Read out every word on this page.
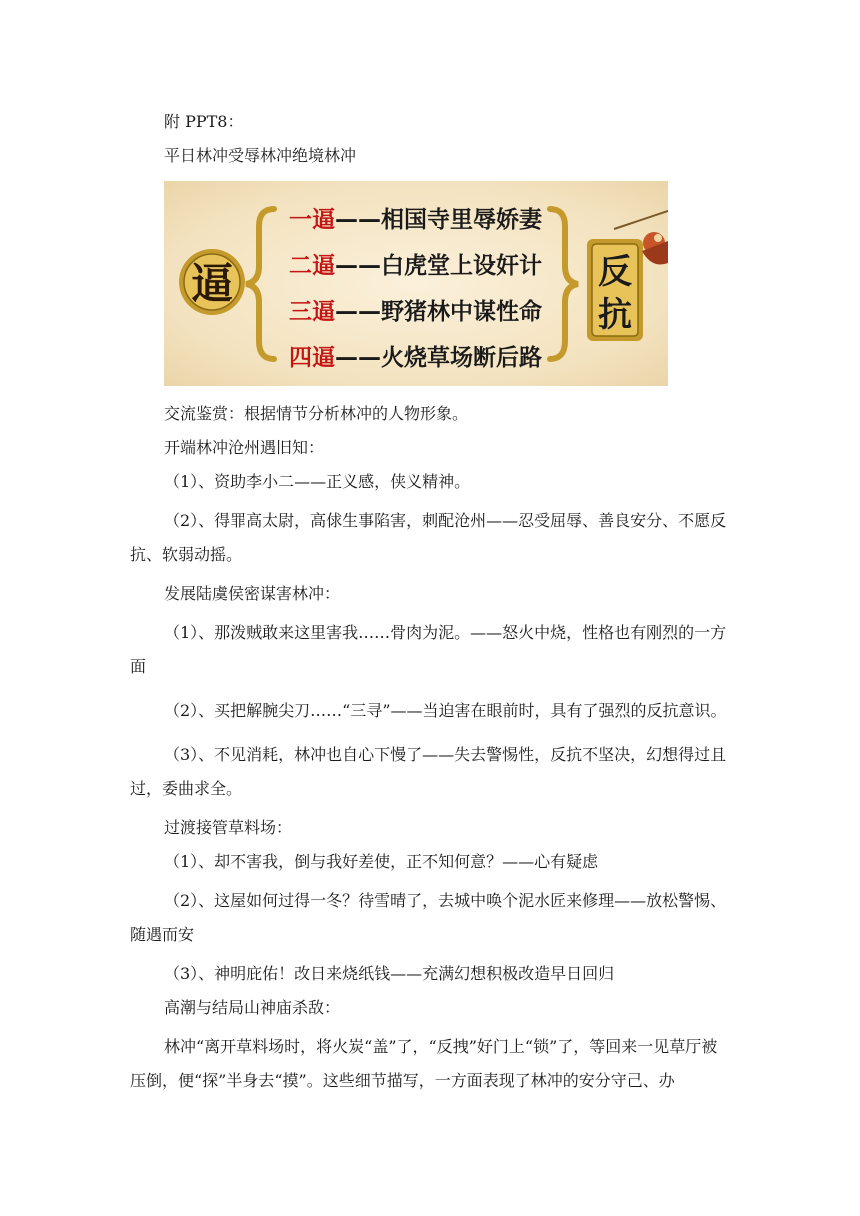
附 PPT8：

平日林冲受辱林冲绝境林冲

逼
一逼——相国寺里辱娇妻
二逼——白虎堂上设奸计
三逼——野猪林中谋性命
四逼——火烧草场断后路
反
抗

交流鉴赏：根据情节分析林冲的人物形象。

开端林冲沧州遇旧知：

（1）、资助李小二——正义感，侠义精神。

（2）、得罪高太尉，高俅生事陷害，刺配沧州——忍受屈辱、善良安分、不愿反抗、软弱动摇。

发展陆虞侯密谋害林冲：

（1）、那泼贼敢来这里害我……骨肉为泥。——怒火中烧，性格也有刚烈的一方面

（2）、买把解腕尖刀……“三寻”——当迫害在眼前时，具有了强烈的反抗意识。

（3）、不见消耗，林冲也自心下慢了——失去警惕性，反抗不坚决，幻想得过且过，委曲求全。

过渡接管草料场：

（1）、却不害我，倒与我好差使，正不知何意？——心有疑虑

（2）、这屋如何过得一冬？待雪晴了，去城中唤个泥水匠来修理——放松警惕、随遇而安

（3）、神明庇佑！改日来烧纸钱——充满幻想积极改造早日回归

高潮与结局山神庙杀敌：

林冲“离开草料场时，将火炭“盖”了，“反拽”好门上“锁”了，等回来一见草厅被压倒，便“探”半身去“摸”。这些细节描写，一方面表现了林冲的安分守己、办
